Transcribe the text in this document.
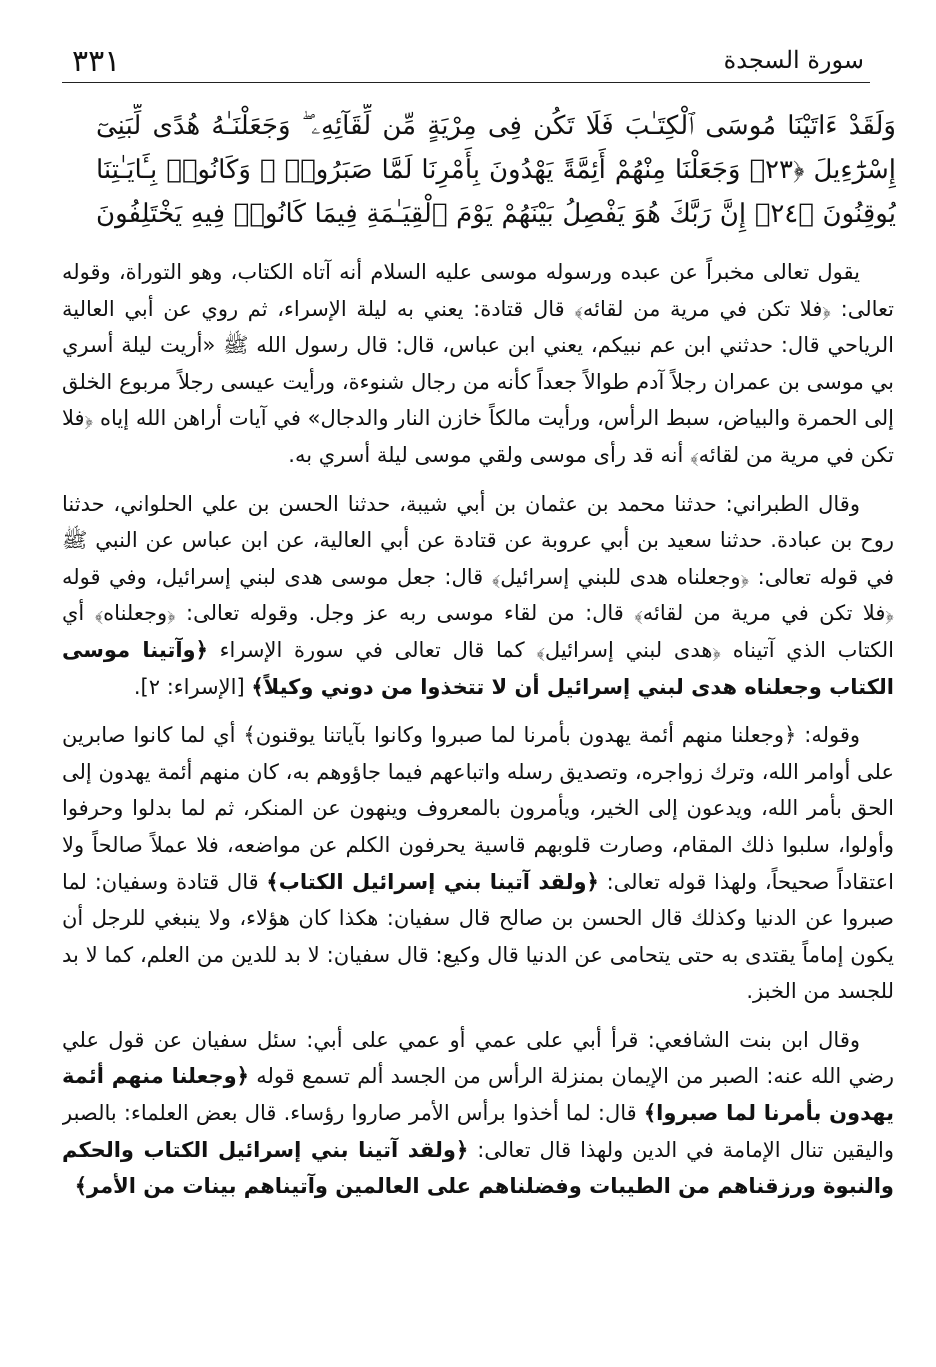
٣٣١	سورة السجدة
وَلَقَدْ ءَاتَيْنَا مُوسَى ٱلْكِتَـٰبَ فَلَا تَكُن فِى مِرْيَةٍ مِّن لِّقَآئِهِۦ ۖ وَجَعَلْنَـٰهُ هُدًى لِّبَنِىٓ إِسْرَٰٓءِيلَ ﴿٢٣﴾ وَجَعَلْنَا مِنْهُمْ أَئِمَّةً يَهْدُونَ بِأَمْرِنَا لَمَّا صَبَرُوا۟ ۖ وَكَانُوا۟ بِـَٔايَـٰتِنَا يُوقِنُونَ ﴿٢٤﴾ إِنَّ رَبَّكَ هُوَ يَفْصِلُ بَيْنَهُمْ يَوْمَ ٱلْقِيَـٰمَةِ فِيمَا كَانُوا۟ فِيهِ يَخْتَلِفُونَ

يقول تعالى مخبراً عن عبده ورسوله موسى عليه السلام أنه آتاه الكتاب، وهو التوراة، وقوله تعالى: ﴿فلا تكن في مرية من لقائه﴾ قال قتادة: يعني به ليلة الإسراء، ثم روي عن أبي العالية الرياحي قال: حدثني ابن عم نبيكم، يعني ابن عباس، قال: قال رسول الله ﷺ «أريت ليلة أسري بي موسى بن عمران رجلاً آدم طوالاً جعداً كأنه من رجال شنوءة، ورأيت عيسى رجلاً مربوع الخلق إلى الحمرة والبياض، سبط الرأس، ورأيت مالكاً خازن النار والدجال» في آيات أراهن الله إياه ﴿فلا تكن في مرية من لقائه﴾ أنه قد رأى موسى ولقي موسى ليلة أسري به.

وقال الطبراني: حدثنا محمد بن عثمان بن أبي شيبة، حدثنا الحسن بن علي الحلواني، حدثنا روح بن عبادة. حدثنا سعيد بن أبي عروبة عن قتادة عن أبي العالية، عن ابن عباس عن النبي ﷺ في قوله تعالى: ﴿وجعلناه هدى للبني إسرائيل﴾ قال: جعل موسى هدى لبني إسرائيل، وفي قوله ﴿فلا تكن في مرية من لقائه﴾ قال: من لقاء موسى ربه عز وجل. وقوله تعالى: ﴿وجعلناه﴾ أي الكتاب الذي آتيناه ﴿هدى لبني إسرائيل﴾ كما قال تعالى في سورة الإسراء ﴿وآتينا موسى الكتاب وجعلناه هدى لبني إسرائيل أن لا تتخذوا من دوني وكيلاً﴾ [الإسراء: ٢].

وقوله: ﴿وجعلنا منهم أئمة يهدون بأمرنا لما صبروا وكانوا بآياتنا يوقنون﴾ أي لما كانوا صابرين على أوامر الله، وترك زواجره، وتصديق رسله واتباعهم فيما جاؤوهم به، كان منهم أئمة يهدون إلى الحق بأمر الله، ويدعون إلى الخير، ويأمرون بالمعروف وينهون عن المنكر، ثم لما بدلوا وحرفوا وأولوا، سلبوا ذلك المقام، وصارت قلوبهم قاسية يحرفون الكلم عن مواضعه، فلا عملاً صالحاً ولا اعتقاداً صحيحاً، ولهذا قوله تعالى: ﴿ولقد آتينا بني إسرائيل الكتاب﴾ قال قتادة وسفيان: لما صبروا عن الدنيا وكذلك قال الحسن بن صالح قال سفيان: هكذا كان هؤلاء، ولا ينبغي للرجل أن يكون إماماً يقتدى به حتى يتحامى عن الدنيا قال وكيع: قال سفيان: لا بد للدين من العلم، كما لا بد للجسد من الخبز.

وقال ابن بنت الشافعي: قرأ أبي على عمي أو عمي على أبي: سئل سفيان عن قول علي رضي الله عنه: الصبر من الإيمان بمنزلة الرأس من الجسد ألم تسمع قوله ﴿وجعلنا منهم أئمة يهدون بأمرنا لما صبروا﴾ قال: لما أخذوا برأس الأمر صاروا رؤساء. قال بعض العلماء: بالصبر واليقين تنال الإمامة في الدين ولهذا قال تعالى: ﴿ولقد آتينا بني إسرائيل الكتاب والحكم والنبوة ورزقناهم من الطيبات وفضلناهم على العالمين وآتيناهم بينات من الأمر﴾
